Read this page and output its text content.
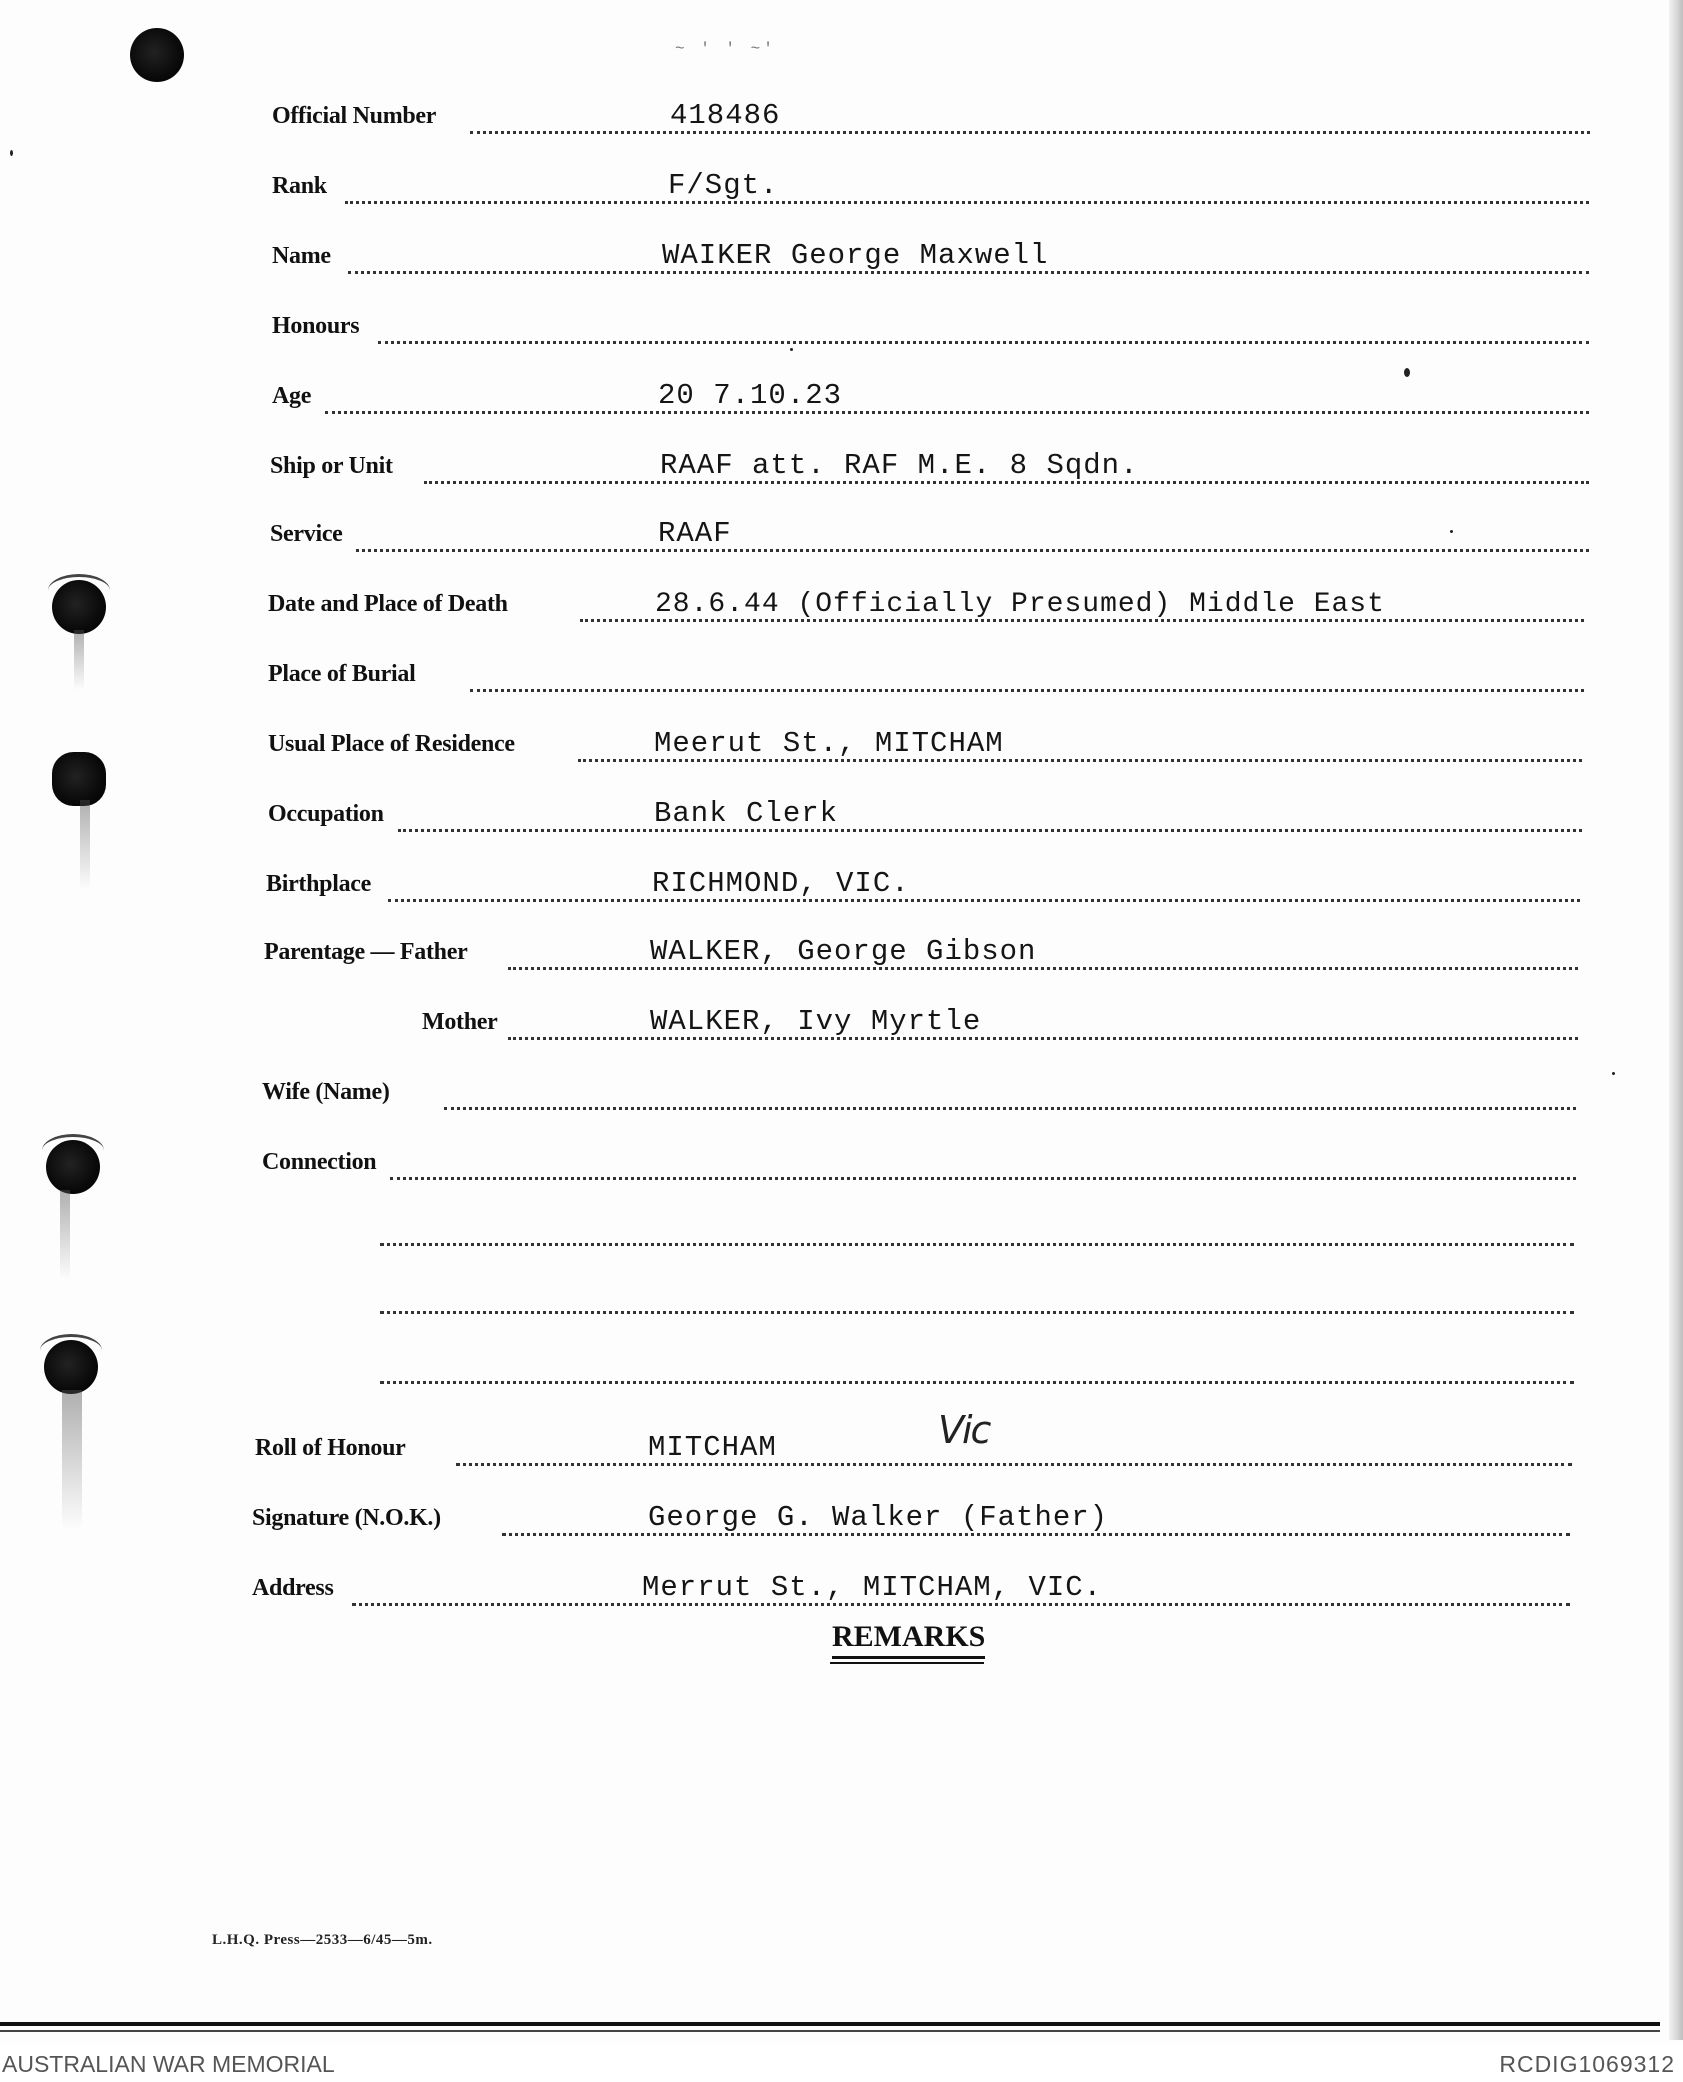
~ ' ' ~'
Official Number	418486
Rank	F/Sgt.
Name	WAIKER George Maxwell
Honours
Age	20 7.10.23
Ship or Unit	RAAF att. RAF M.E. 8 Sqdn.
Service	RAAF
Date and Place of Death	28.6.44 (Officially Presumed) Middle East
Place of Burial
Usual Place of Residence	Meerut St., MITCHAM
Occupation	Bank Clerk
Birthplace	RICHMOND, VIC.
Parentage — Father	WALKER, George Gibson
Mother	WALKER, Ivy Myrtle
Wife (Name)
Connection
Roll of Honour	MITCHAM	Vic
Signature (N.O.K.)	George G. Walker (Father)
Address	Merrut St., MITCHAM, VIC.
REMARKS
L.H.Q. Press—2533—6/45—5m.
AUSTRALIAN WAR MEMORIAL	RCDIG1069312
